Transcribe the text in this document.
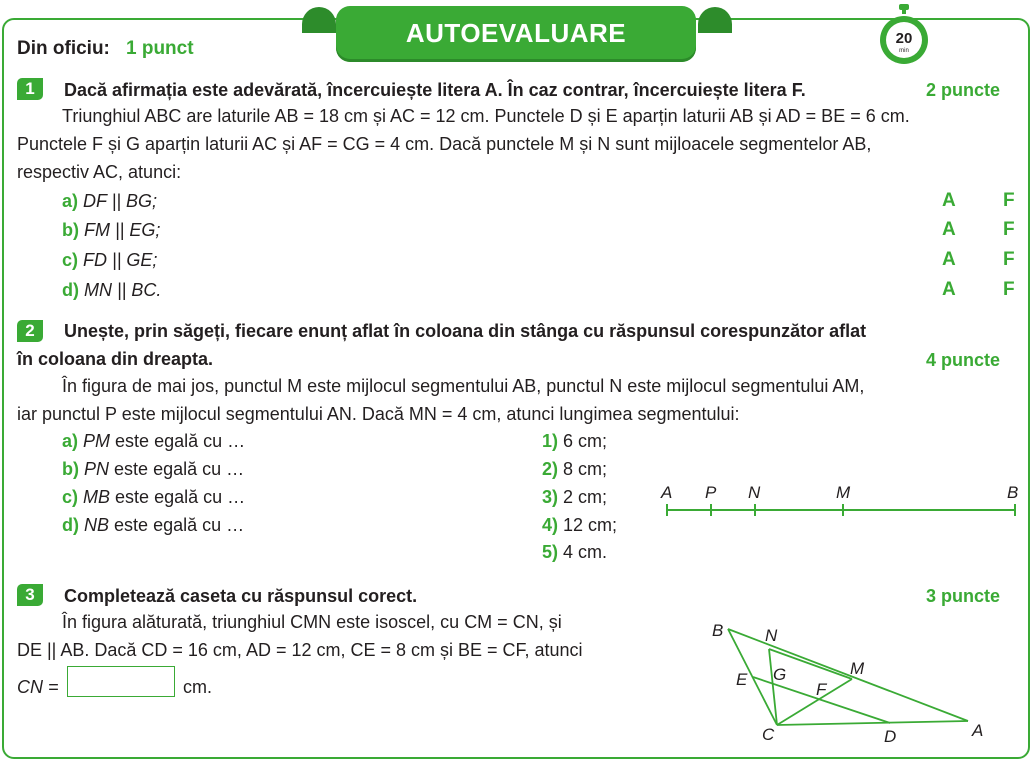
AUTOEVALUARE	20
min
Din oficiu: 1 punct
1	Dacă afirmația este adevărată, încercuiește litera A. În caz contrar, încercuiește litera F.	2 puncte
Triunghiul ABC are laturile AB = 18 cm și AC = 12 cm. Punctele D și E aparțin laturii AB și AD = BE = 6 cm.
Punctele F și G aparțin laturii AC și AF = CG = 4 cm. Dacă punctele M și N sunt mijloacele segmentelor AB,
respectiv AC, atunci:
a) DF || BG;	A F
b) FM || EG;	A F
c) FD || GE;	A F
d) MN || BC.	A F
2	Unește, prin săgeți, fiecare enunț aflat în coloana din stânga cu răspunsul corespunzător aflat
în coloana din dreapta.	4 puncte
În figura de mai jos, punctul M este mijlocul segmentului AB, punctul N este mijlocul segmentului AM,
iar punctul P este mijlocul segmentului AN. Dacă MN = 4 cm, atunci lungimea segmentului:
a) PM este egală cu …
b) PN este egală cu …
c) MB este egală cu …
d) NB este egală cu …
1) 6 cm;
2) 8 cm;
3) 2 cm;
4) 12 cm;
5) 4 cm.
A P N	M	B
3	Completează caseta cu răspunsul corect.	3 puncte
În figura alăturată, triunghiul CMN este isoscel, cu CM = CN, și
DE || AB. Dacă CD = 16 cm, AD = 12 cm, CE = 8 cm și BE = CF, atunci
CN =	cm.
B N
M
E G
F
C	D	A
